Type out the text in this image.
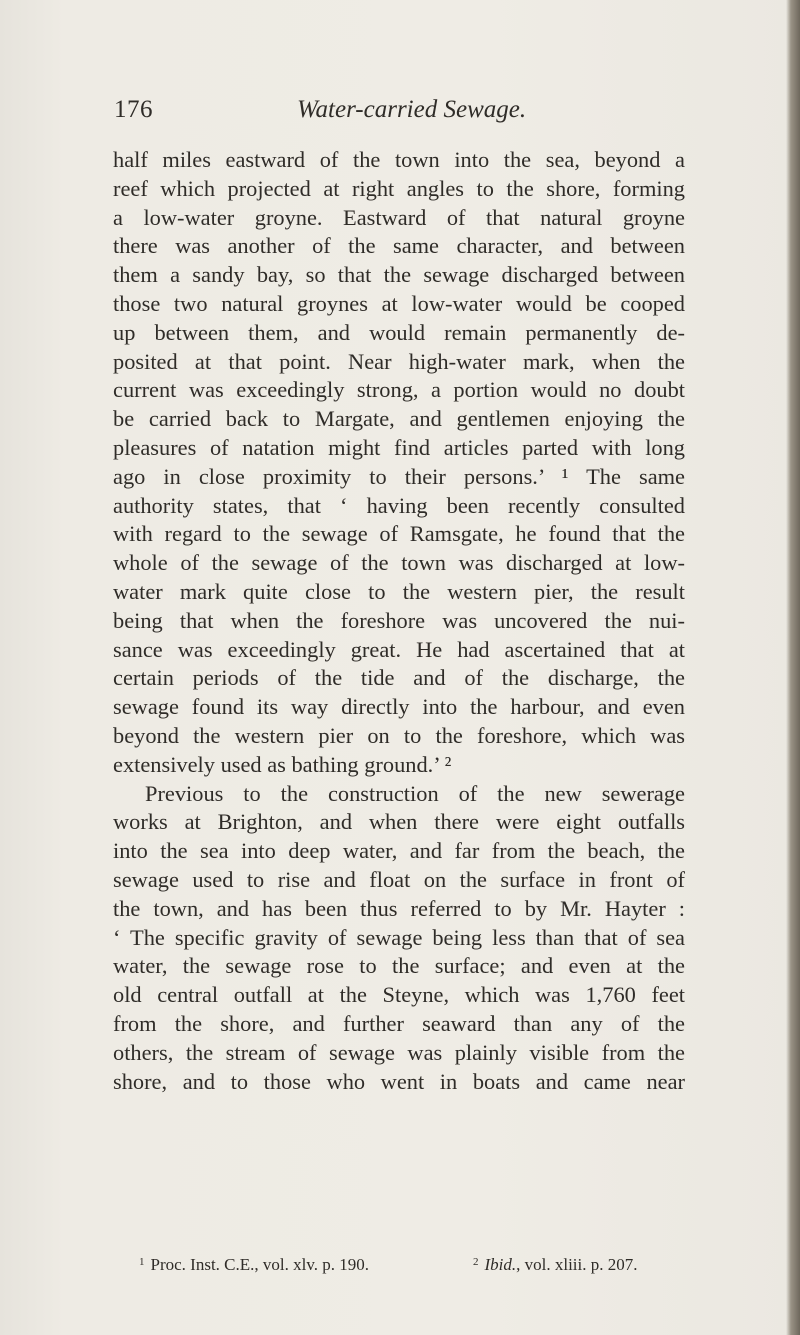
176	Water-carried Sewage.
half miles eastward of the town into the sea, beyond a
reef which projected at right angles to the shore, forming
a low-water groyne. Eastward of that natural groyne
there was another of the same character, and between
them a sandy bay, so that the sewage discharged between
those two natural groynes at low-water would be cooped
up between them, and would remain permanently de-
posited at that point. Near high-water mark, when the
current was exceedingly strong, a portion would no doubt
be carried back to Margate, and gentlemen enjoying the
pleasures of natation might find articles parted with long
ago in close proximity to their persons.’ ¹ The same
authority states, that ‘ having been recently consulted
with regard to the sewage of Ramsgate, he found that the
whole of the sewage of the town was discharged at low-
water mark quite close to the western pier, the result
being that when the foreshore was uncovered the nui-
sance was exceedingly great. He had ascertained that at
certain periods of the tide and of the discharge, the
sewage found its way directly into the harbour, and even
beyond the western pier on to the foreshore, which was
extensively used as bathing ground.’ ²
Previous to the construction of the new sewerage
works at Brighton, and when there were eight outfalls
into the sea into deep water, and far from the beach, the
sewage used to rise and float on the surface in front of
the town, and has been thus referred to by Mr. Hayter :
‘ The specific gravity of sewage being less than that of sea
water, the sewage rose to the surface; and even at the
old central outfall at the Steyne, which was 1,760 feet
from the shore, and further seaward than any of the
others, the stream of sewage was plainly visible from the
shore, and to those who went in boats and came near
$^1$ Proc. Inst. C.E., vol. xlv. p. 190.	$^2$ Ibid., vol. xliii. p. 207.
